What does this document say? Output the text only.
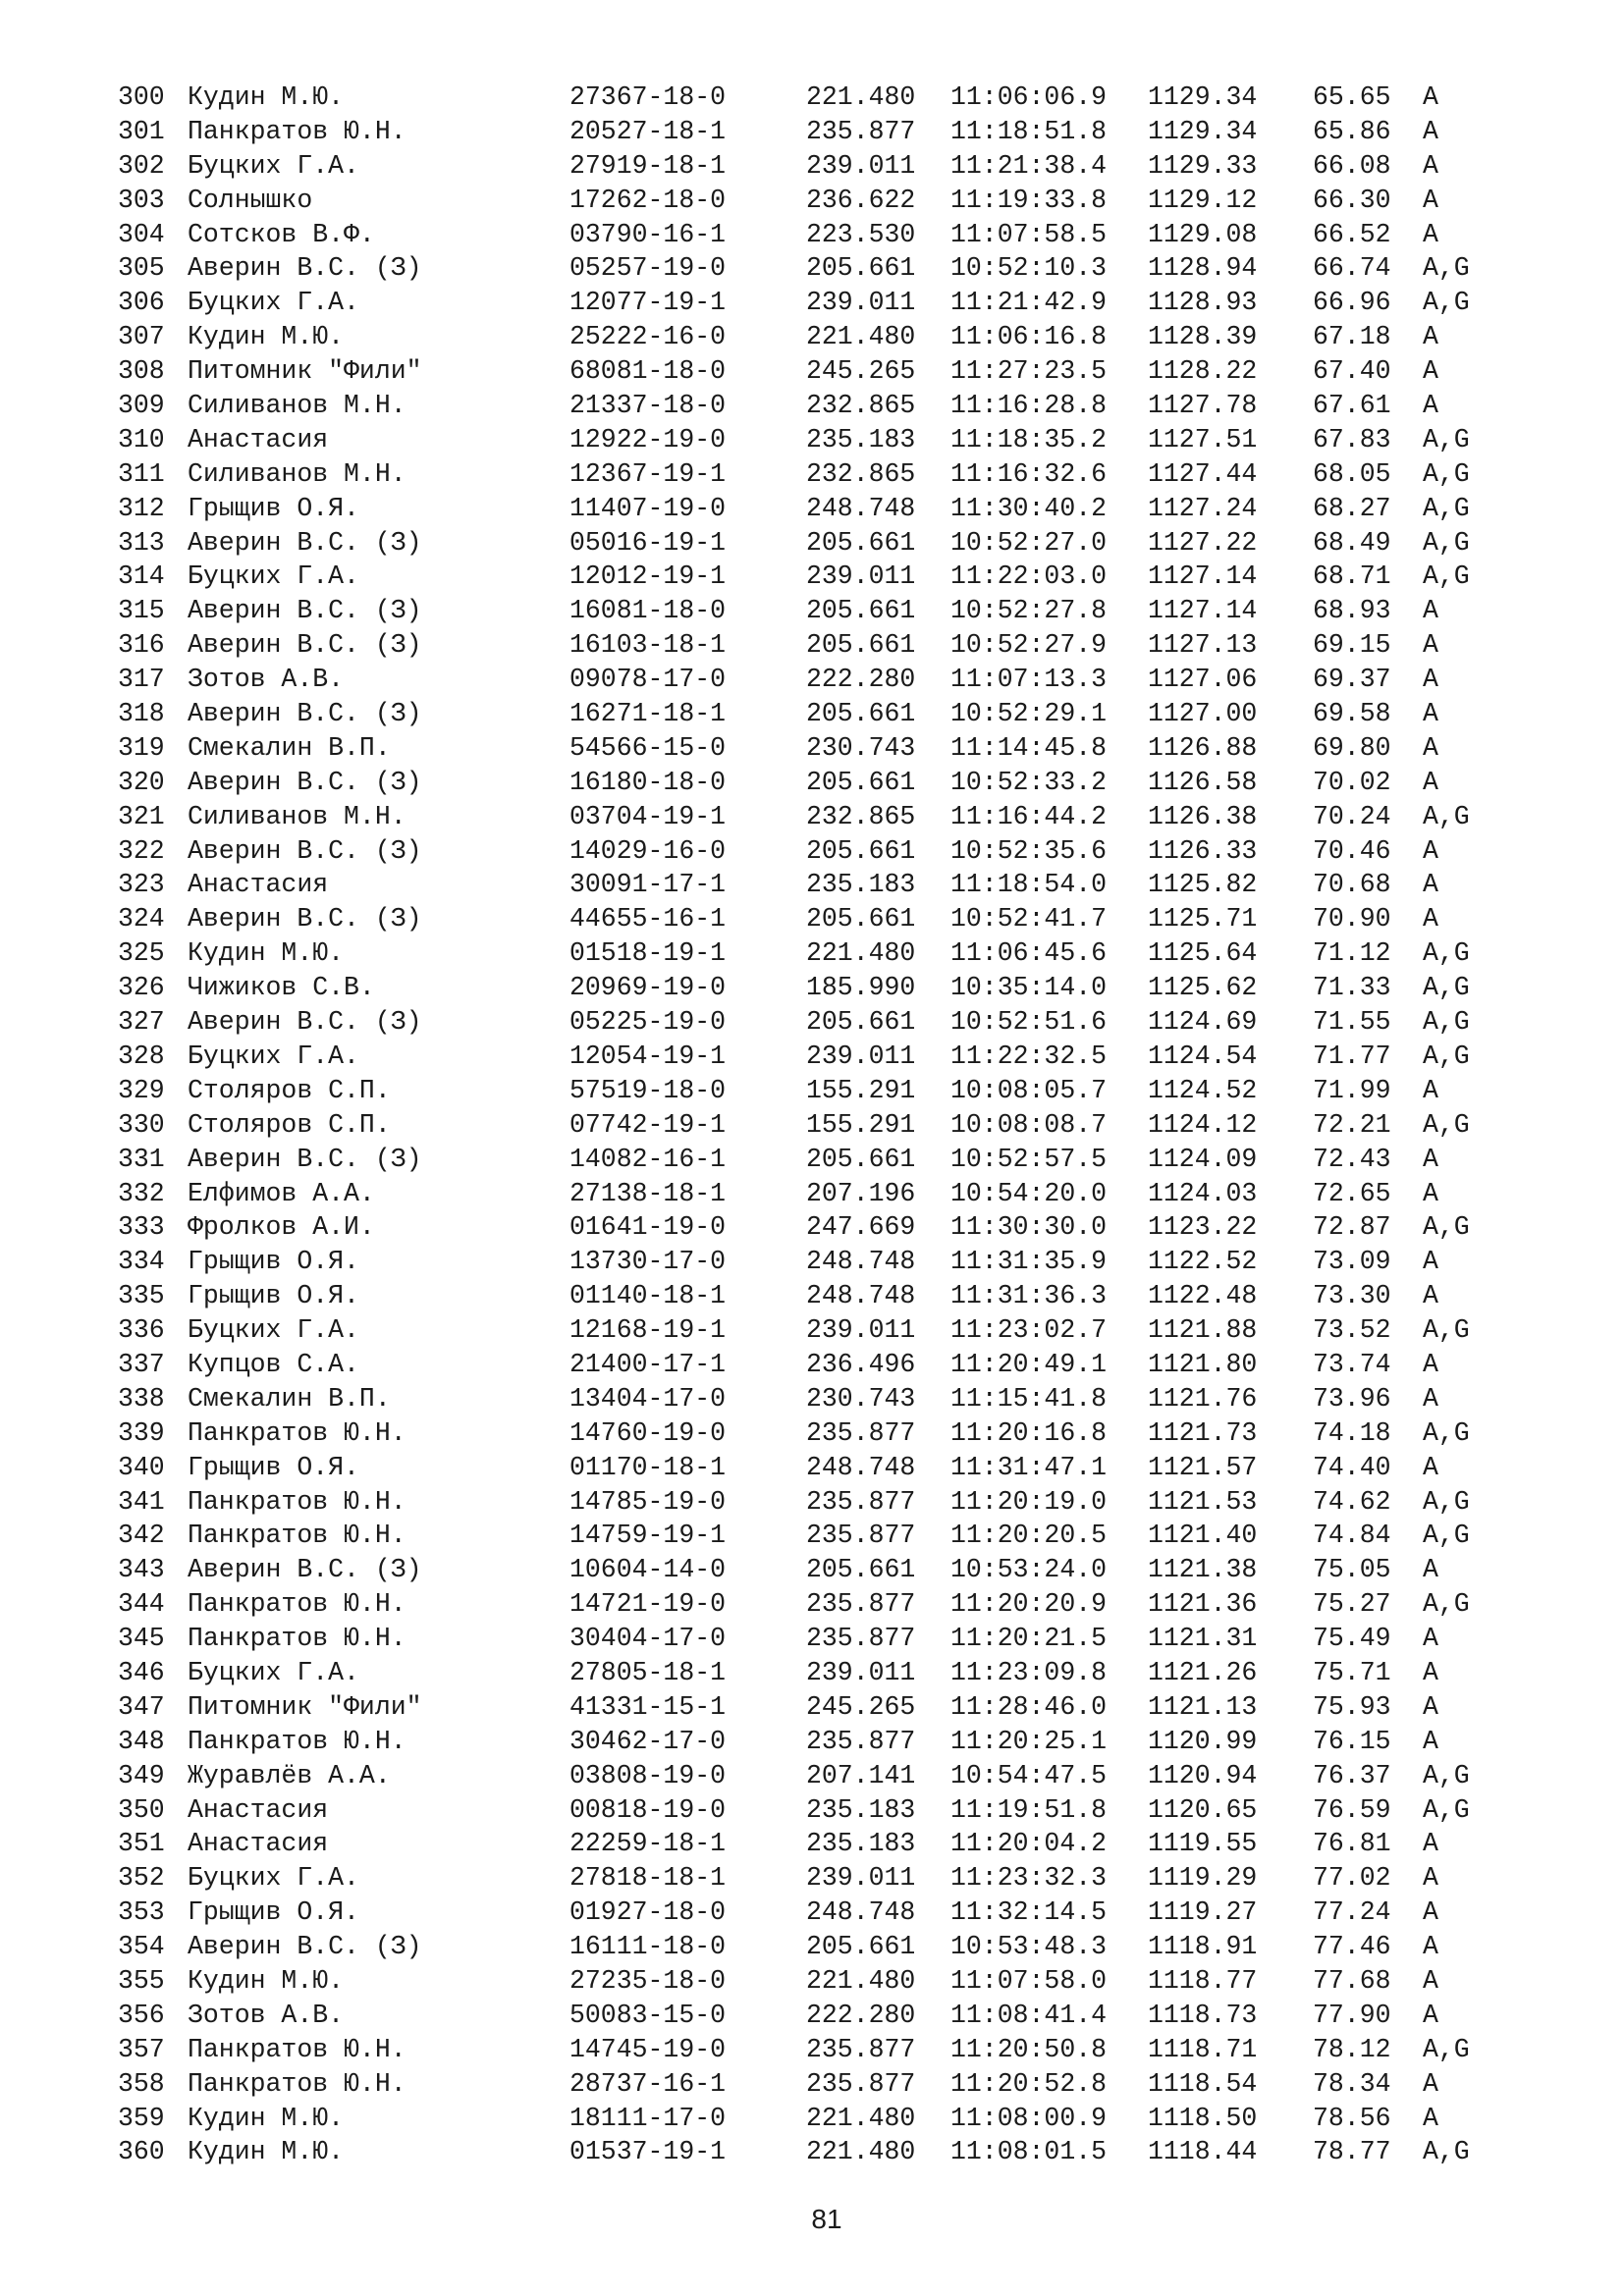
300 Кудин М.Ю.	27367-18-0	221.480 11:06:06.9 1129.34 65.65 A
301 Панкратов Ю.Н.	20527-18-1	235.877 11:18:51.8 1129.34 65.86 A
302 Буцких Г.А.	27919-18-1	239.011 11:21:38.4 1129.33 66.08 A
303 Солнышко	17262-18-0	236.622 11:19:33.8 1129.12 66.30 A
304 Сотсков В.Ф.	03790-16-1	223.530 11:07:58.5 1129.08 66.52 A
305 Аверин В.С. (З)	05257-19-0	205.661 10:52:10.3 1128.94 66.74 A,G
306 Буцких Г.А.	12077-19-1	239.011 11:21:42.9 1128.93 66.96 A,G
307 Кудин М.Ю.	25222-16-0	221.480 11:06:16.8 1128.39 67.18 A
308 Питомник "Фили"	68081-18-0	245.265 11:27:23.5 1128.22 67.40 A
309 Силиванов М.Н.	21337-18-0	232.865 11:16:28.8 1127.78 67.61 A
310 Анастасия	12922-19-0	235.183 11:18:35.2 1127.51 67.83 A,G
311 Силиванов М.Н.	12367-19-1	232.865 11:16:32.6 1127.44 68.05 A,G
312 Грыщив О.Я.	11407-19-0	248.748 11:30:40.2 1127.24 68.27 A,G
313 Аверин В.С. (З)	05016-19-1	205.661 10:52:27.0 1127.22 68.49 A,G
314 Буцких Г.А.	12012-19-1	239.011 11:22:03.0 1127.14 68.71 A,G
315 Аверин В.С. (З)	16081-18-0	205.661 10:52:27.8 1127.14 68.93 A
316 Аверин В.С. (З)	16103-18-1	205.661 10:52:27.9 1127.13 69.15 A
317 Зотов А.В.	09078-17-0	222.280 11:07:13.3 1127.06 69.37 A
318 Аверин В.С. (З)	16271-18-1	205.661 10:52:29.1 1127.00 69.58 A
319 Смекалин В.П.	54566-15-0	230.743 11:14:45.8 1126.88 69.80 A
320 Аверин В.С. (З)	16180-18-0	205.661 10:52:33.2 1126.58 70.02 A
321 Силиванов М.Н.	03704-19-1	232.865 11:16:44.2 1126.38 70.24 A,G
322 Аверин В.С. (З)	14029-16-0	205.661 10:52:35.6 1126.33 70.46 A
323 Анастасия	30091-17-1	235.183 11:18:54.0 1125.82 70.68 A
324 Аверин В.С. (З)	44655-16-1	205.661 10:52:41.7 1125.71 70.90 A
325 Кудин М.Ю.	01518-19-1	221.480 11:06:45.6 1125.64 71.12 A,G
326 Чижиков С.В.	20969-19-0	185.990 10:35:14.0 1125.62 71.33 A,G
327 Аверин В.С. (З)	05225-19-0	205.661 10:52:51.6 1124.69 71.55 A,G
328 Буцких Г.А.	12054-19-1	239.011 11:22:32.5 1124.54 71.77 A,G
329 Столяров С.П.	57519-18-0	155.291 10:08:05.7 1124.52 71.99 A
330 Столяров С.П.	07742-19-1	155.291 10:08:08.7 1124.12 72.21 A,G
331 Аверин В.С. (З)	14082-16-1	205.661 10:52:57.5 1124.09 72.43 A
332 Елфимов А.А.	27138-18-1	207.196 10:54:20.0 1124.03 72.65 A
333 Фролков А.И.	01641-19-0	247.669 11:30:30.0 1123.22 72.87 A,G
334 Грыщив О.Я.	13730-17-0	248.748 11:31:35.9 1122.52 73.09 A
335 Грыщив О.Я.	01140-18-1	248.748 11:31:36.3 1122.48 73.30 A
336 Буцких Г.А.	12168-19-1	239.011 11:23:02.7 1121.88 73.52 A,G
337 Купцов С.А.	21400-17-1	236.496 11:20:49.1 1121.80 73.74 A
338 Смекалин В.П.	13404-17-0	230.743 11:15:41.8 1121.76 73.96 A
339 Панкратов Ю.Н.	14760-19-0	235.877 11:20:16.8 1121.73 74.18 A,G
340 Грыщив О.Я.	01170-18-1	248.748 11:31:47.1 1121.57 74.40 A
341 Панкратов Ю.Н.	14785-19-0	235.877 11:20:19.0 1121.53 74.62 A,G
342 Панкратов Ю.Н.	14759-19-1	235.877 11:20:20.5 1121.40 74.84 A,G
343 Аверин В.С. (З)	10604-14-0	205.661 10:53:24.0 1121.38 75.05 A
344 Панкратов Ю.Н.	14721-19-0	235.877 11:20:20.9 1121.36 75.27 A,G
345 Панкратов Ю.Н.	30404-17-0	235.877 11:20:21.5 1121.31 75.49 A
346 Буцких Г.А.	27805-18-1	239.011 11:23:09.8 1121.26 75.71 A
347 Питомник "Фили"	41331-15-1	245.265 11:28:46.0 1121.13 75.93 A
348 Панкратов Ю.Н.	30462-17-0	235.877 11:20:25.1 1120.99 76.15 A
349 Журавлёв А.А.	03808-19-0	207.141 10:54:47.5 1120.94 76.37 A,G
350 Анастасия	00818-19-0	235.183 11:19:51.8 1120.65 76.59 A,G
351 Анастасия	22259-18-1	235.183 11:20:04.2 1119.55 76.81 A
352 Буцких Г.А.	27818-18-1	239.011 11:23:32.3 1119.29 77.02 A
353 Грыщив О.Я.	01927-18-0	248.748 11:32:14.5 1119.27 77.24 A
354 Аверин В.С. (З)	16111-18-0	205.661 10:53:48.3 1118.91 77.46 A
355 Кудин М.Ю.	27235-18-0	221.480 11:07:58.0 1118.77 77.68 A
356 Зотов А.В.	50083-15-0	222.280 11:08:41.4 1118.73 77.90 A
357 Панкратов Ю.Н.	14745-19-0	235.877 11:20:50.8 1118.71 78.12 A,G
358 Панкратов Ю.Н.	28737-16-1	235.877 11:20:52.8 1118.54 78.34 A
359 Кудин М.Ю.	18111-17-0	221.480 11:08:00.9 1118.50 78.56 A
360 Кудин М.Ю.	01537-19-1	221.480 11:08:01.5 1118.44 78.77 A,G
81
